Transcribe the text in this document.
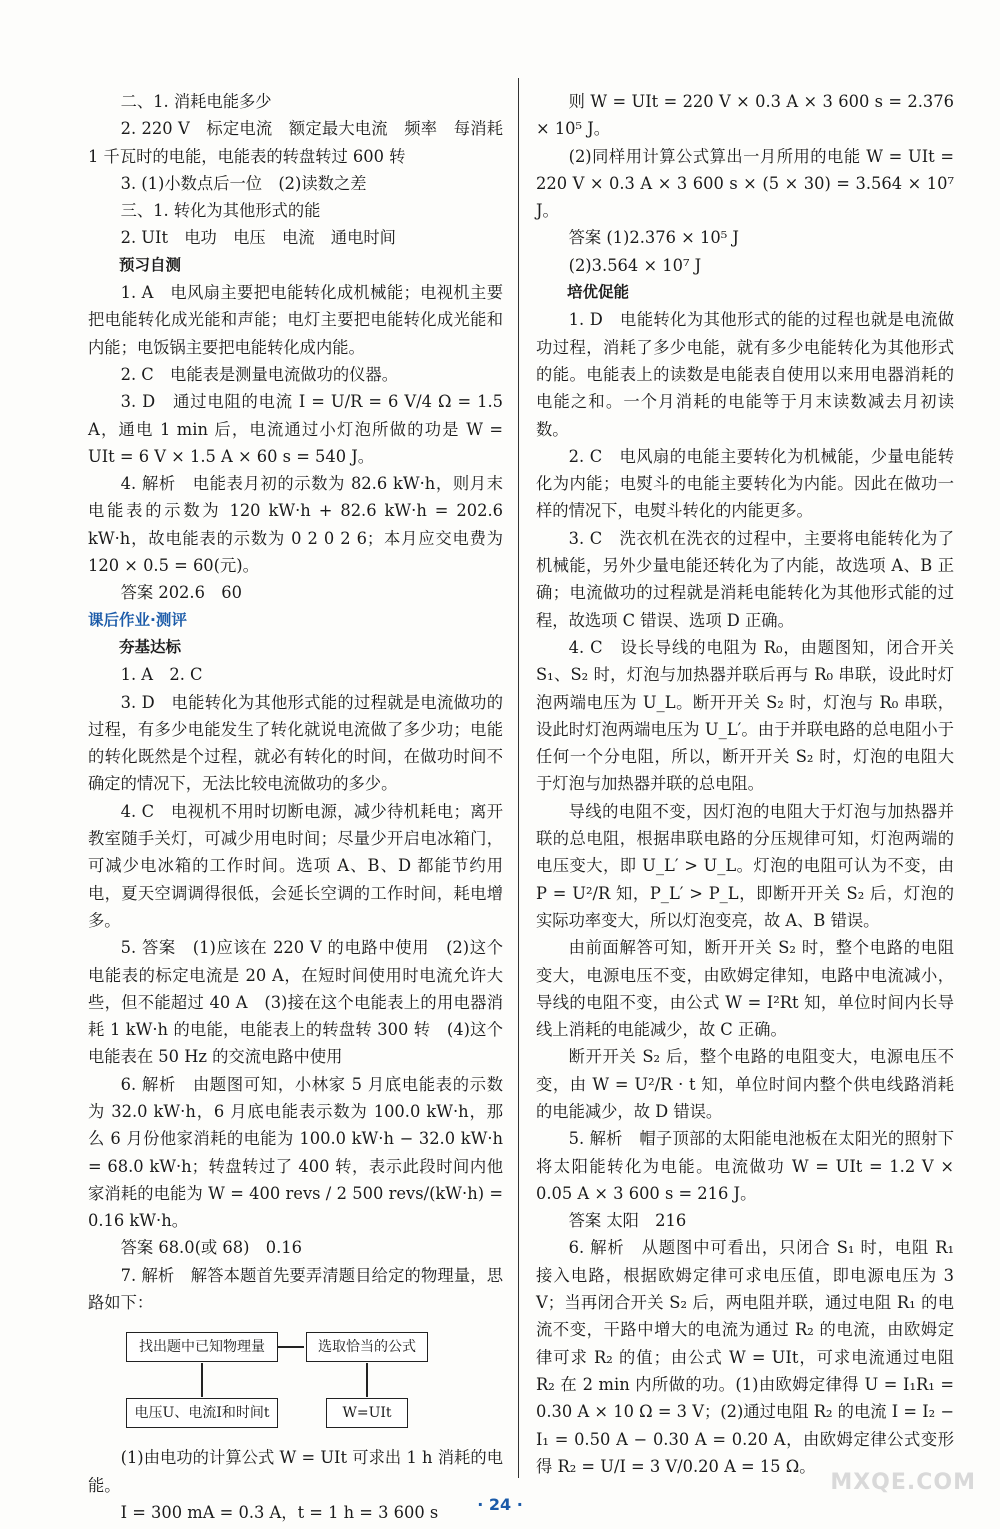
二、1. 消耗电能多少

2. 220 V　标定电流　额定最大电流　频率　每消耗 1 千瓦时的电能，电能表的转盘转过 600 转

3. (1)小数点后一位　(2)读数之差

三、1. 转化为其他形式的能

2. UIt　电功　电压　电流　通电时间

预习自测

1. A　电风扇主要把电能转化成机械能；电视机主要把电能转化成光能和声能；电灯主要把电能转化成光能和内能；电饭锅主要把电能转化成内能。

2. C　电能表是测量电流做功的仪器。

3. D　通过电阻的电流 I = U/R = 6 V/4 Ω = 1.5 A，通电 1 min 后，电流通过小灯泡所做的功是 W = UIt = 6 V × 1.5 A × 60 s = 540 J。

4. 解析　电能表月初的示数为 82.6 kW·h，则月末电能表的示数为 120 kW·h + 82.6 kW·h = 202.6 kW·h，故电能表的示数为 0 2 0 2 6；本月应交电费为 120 × 0.5 = 60(元)。

答案 202.6　60

课后作业·测评

夯基达标

1. A　2. C

3. D　电能转化为其他形式能的过程就是电流做功的过程，有多少电能发生了转化就说电流做了多少功；电能的转化既然是个过程，就必有转化的时间，在做功时间不确定的情况下，无法比较电流做功的多少。

4. C　电视机不用时切断电源，减少待机耗电；离开教室随手关灯，可减少用电时间；尽量少开启电冰箱门，可减少电冰箱的工作时间。选项 A、B、D 都能节约用电，夏天空调调得很低，会延长空调的工作时间，耗电增多。

5. 答案　(1)应该在 220 V 的电路中使用　(2)这个电能表的标定电流是 20 A，在短时间使用时电流允许大些，但不能超过 40 A　(3)接在这个电能表上的用电器消耗 1 kW·h 的电能，电能表上的转盘转 300 转　(4)这个电能表在 50 Hz 的交流电路中使用

6. 解析　由题图可知，小林家 5 月底电能表的示数为 32.0 kW·h，6 月底电能表示数为 100.0 kW·h，那么 6 月份他家消耗的电能为 100.0 kW·h − 32.0 kW·h = 68.0 kW·h；转盘转过了 400 转，表示此段时间内他家消耗的电能为 W = 400 revs / 2 500 revs/(kW·h) = 0.16 kW·h。

答案 68.0(或 68)　0.16

7. 解析　解答本题首先要弄清题目给定的物理量，思路如下：

找出题中已知物理量	选取恰当的公式
电压U、电流I和时间t	W=UIt

(1)由电功的计算公式 W = UIt 可求出 1 h 消耗的电能。

I = 300 mA = 0.3 A，t = 1 h = 3 600 s

则 W = UIt = 220 V × 0.3 A × 3 600 s = 2.376 × 10⁵ J。

(2)同样用计算公式算出一月所用的电能 W = UIt = 220 V × 0.3 A × 3 600 s × (5 × 30) = 3.564 × 10⁷ J。

答案 (1)2.376 × 10⁵ J

(2)3.564 × 10⁷ J

培优促能

1. D　电能转化为其他形式的能的过程也就是电流做功过程，消耗了多少电能，就有多少电能转化为其他形式的能。电能表上的读数是电能表自使用以来用电器消耗的电能之和。一个月消耗的电能等于月末读数减去月初读数。

2. C　电风扇的电能主要转化为机械能，少量电能转化为内能；电熨斗的电能主要转化为内能。因此在做功一样的情况下，电熨斗转化的内能更多。

3. C　洗衣机在洗衣的过程中，主要将电能转化为了机械能，另外少量电能还转化为了内能，故选项 A、B 正确；电流做功的过程就是消耗电能转化为其他形式能的过程，故选项 C 错误、选项 D 正确。

4. C　设长导线的电阻为 R₀，由题图知，闭合开关 S₁、S₂ 时，灯泡与加热器并联后再与 R₀ 串联，设此时灯泡两端电压为 U_L。断开开关 S₂ 时，灯泡与 R₀ 串联，设此时灯泡两端电压为 U_L′。由于并联电路的总电阻小于任何一个分电阻，所以，断开开关 S₂ 时，灯泡的电阻大于灯泡与加热器并联的总电阻。

导线的电阻不变，因灯泡的电阻大于灯泡与加热器并联的总电阻，根据串联电路的分压规律可知，灯泡两端的电压变大，即 U_L′ > U_L。灯泡的电阻可认为不变，由 P = U²/R 知，P_L′ > P_L，即断开开关 S₂ 后，灯泡的实际功率变大，所以灯泡变亮，故 A、B 错误。

由前面解答可知，断开开关 S₂ 时，整个电路的电阻变大，电源电压不变，由欧姆定律知，电路中电流减小，导线的电阻不变，由公式 W = I²Rt 知，单位时间内长导线上消耗的电能减少，故 C 正确。

断开开关 S₂ 后，整个电路的电阻变大，电源电压不变，由 W = U²/R · t 知，单位时间内整个供电线路消耗的电能减少，故 D 错误。

5. 解析　帽子顶部的太阳能电池板在太阳光的照射下将太阳能转化为电能。电流做功 W = UIt = 1.2 V × 0.05 A × 3 600 s = 216 J。

答案 太阳　216

6. 解析　从题图中可看出，只闭合 S₁ 时，电阻 R₁ 接入电路，根据欧姆定律可求电压值，即电源电压为 3 V；当再闭合开关 S₂ 后，两电阻并联，通过电阻 R₁ 的电流不变，干路中增大的电流为通过 R₂ 的电流，由欧姆定律可求 R₂ 的值；由公式 W = UIt，可求电流通过电阻 R₂ 在 2 min 内所做的功。(1)由欧姆定律得 U = I₁R₁ = 0.30 A × 10 Ω = 3 V；(2)通过电阻 R₂ 的电流 I = I₂ − I₁ = 0.50 A − 0.30 A = 0.20 A，由欧姆定律公式变形得 R₂ = U/I = 3 V/0.20 A = 15 Ω。

· 24 ·
MXQE.COM
